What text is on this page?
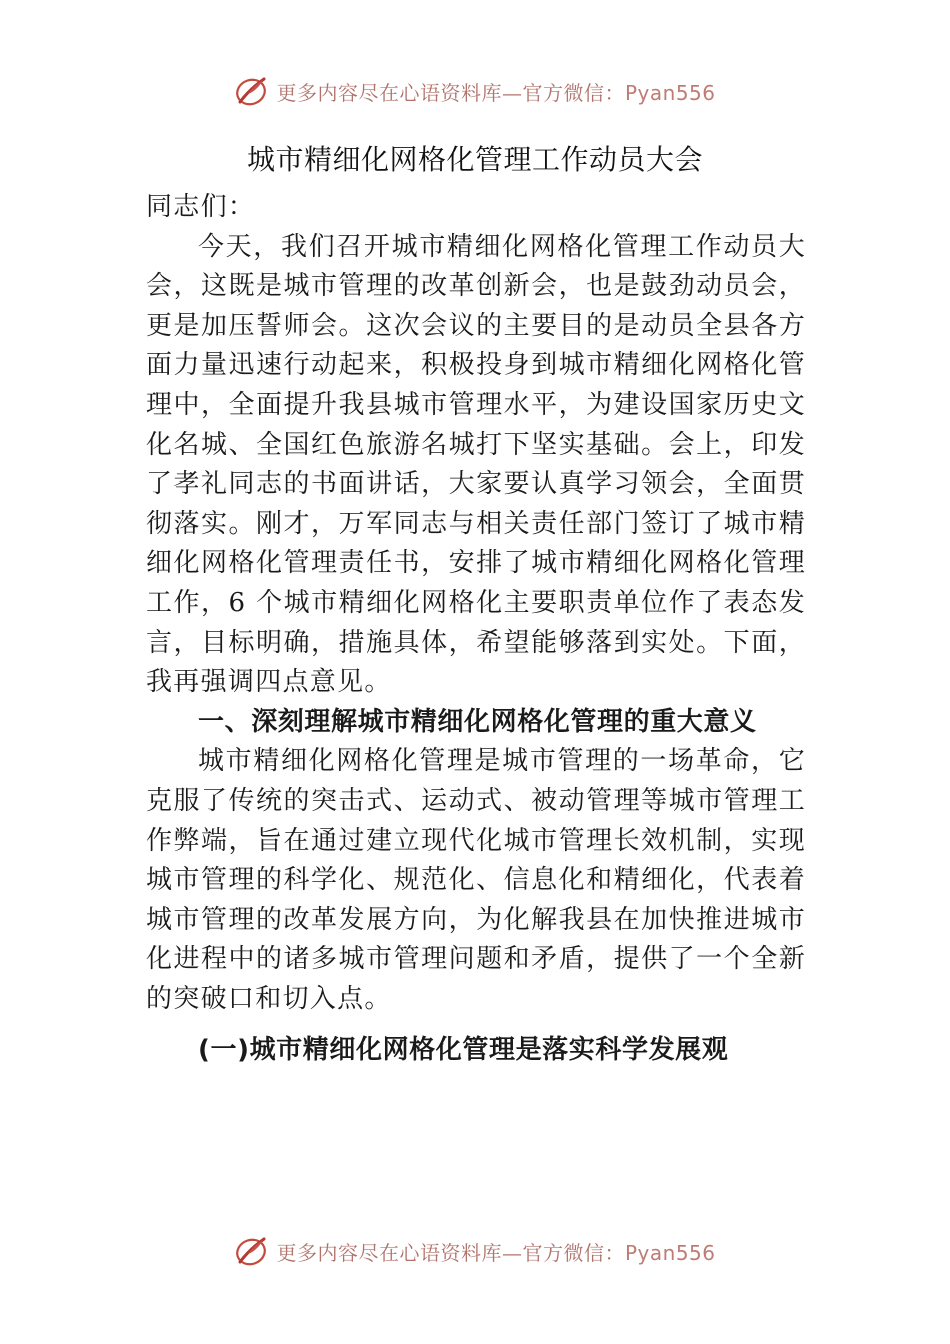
更多内容尽在心语资料库—官方微信：Pyan556
城市精细化网格化管理工作动员大会

同志们：

今天，我们召开城市精细化网格化管理工作动员大会，这既是城市管理的改革创新会，也是鼓劲动员会，更是加压誓师会。这次会议的主要目的是动员全县各方面力量迅速行动起来，积极投身到城市精细化网格化管理中，全面提升我县城市管理水平，为建设国家历史文化名城、全国红色旅游名城打下坚实基础。会上，印发了孝礼同志的书面讲话，大家要认真学习领会，全面贯彻落实。刚才，万军同志与相关责任部门签订了城市精细化网格化管理责任书，安排了城市精细化网格化管理工作，6 个城市精细化网格化主要职责单位作了表态发言，目标明确，措施具体，希望能够落到实处。下面，我再强调四点意见。

一、深刻理解城市精细化网格化管理的重大意义

城市精细化网格化管理是城市管理的一场革命，它克服了传统的突击式、运动式、被动管理等城市管理工作弊端，旨在通过建立现代化城市管理长效机制，实现城市管理的科学化、规范化、信息化和精细化，代表着城市管理的改革发展方向，为化解我县在加快推进城市化进程中的诸多城市管理问题和矛盾，提供了一个全新的突破口和切入点。

(一)城市精细化网格化管理是落实科学发展观

更多内容尽在心语资料库—官方微信：Pyan556
